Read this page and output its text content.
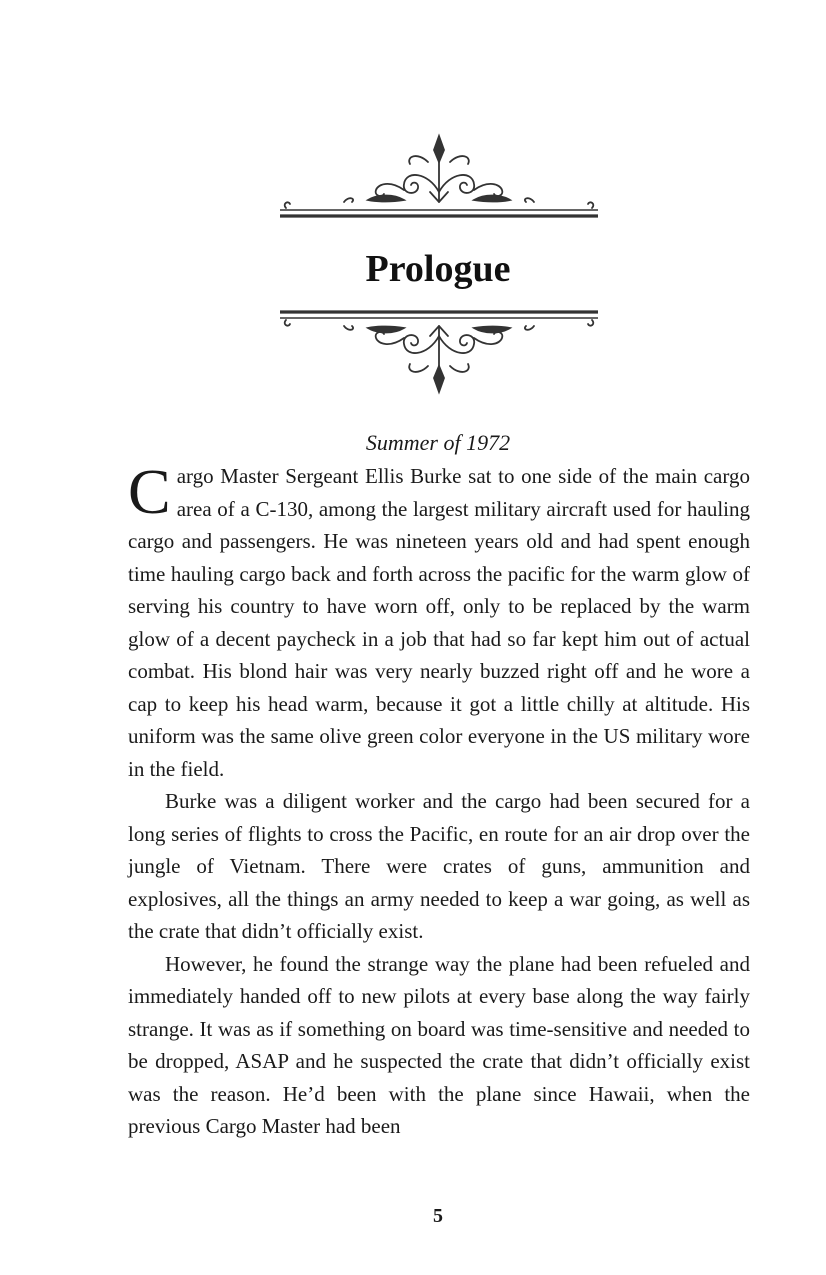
Prologue
Summer of 1972

Cargo Master Sergeant Ellis Burke sat to one side of the main cargo area of a C-130, among the largest military aircraft used for hauling cargo and passengers. He was nineteen years old and had spent enough time hauling cargo back and forth across the pacific for the warm glow of serving his country to have worn off, only to be replaced by the warm glow of a decent paycheck in a job that had so far kept him out of actual combat. His blond hair was very nearly buzzed right off and he wore a cap to keep his head warm, because it got a little chilly at altitude. His uniform was the same olive green color everyone in the US military wore in the field.

Burke was a diligent worker and the cargo had been secured for a long series of flights to cross the Pacific, en route for an air drop over the jungle of Vietnam. There were crates of guns, ammunition and explosives, all the things an army needed to keep a war going, as well as the crate that didn’t officially exist.

However, he found the strange way the plane had been refueled and immediately handed off to new pilots at every base along the way fairly strange. It was as if something on board was time-sensitive and needed to be dropped, ASAP and he suspected the crate that didn’t officially exist was the reason. He’d been with the plane since Hawaii, when the previous Cargo Master had been

5
